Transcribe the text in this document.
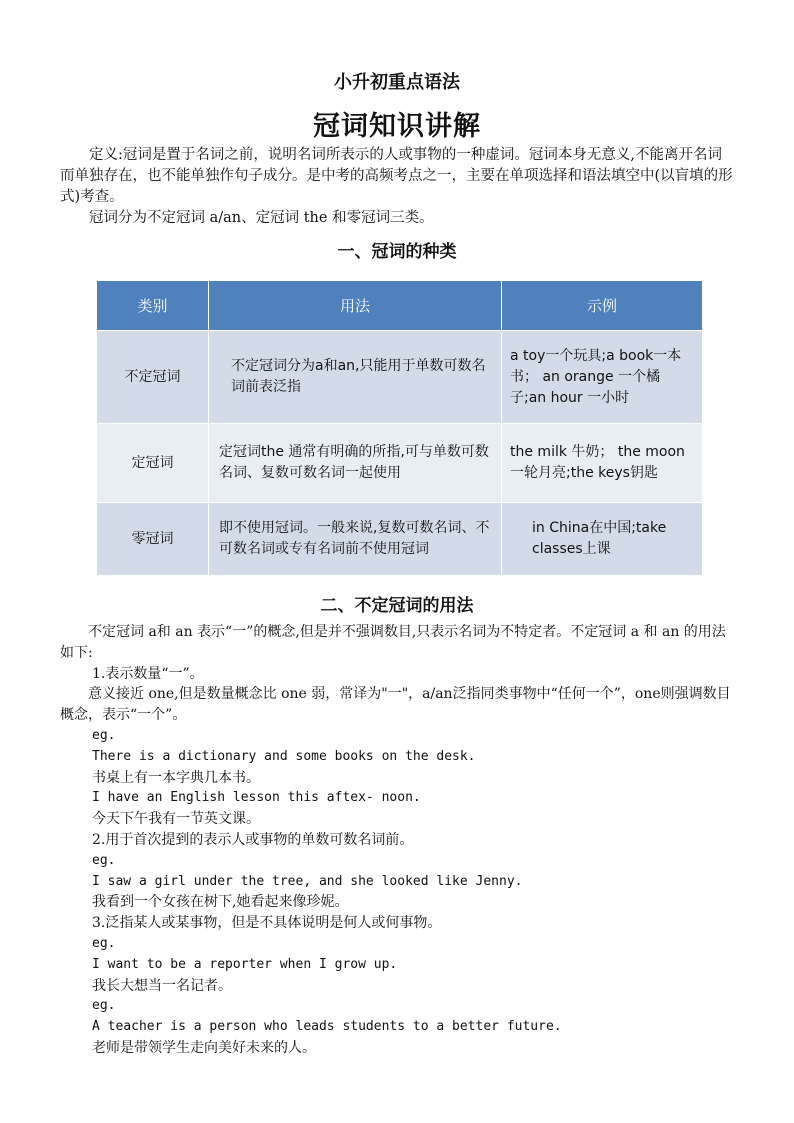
小升初重点语法
冠词知识讲解

定义:冠词是置于名词之前，说明名词所表示的人或事物的一种虚词。冠词本身无意义,不能离开名词而单独存在，也不能单独作句子成分。是中考的高频考点之一，主要在单项选择和语法填空中(以盲填的形式)考查。

冠词分为不定冠词 a/an、定冠词 the 和零冠词三类。

一、冠词的种类
类别	用法	示例
不定冠词	不定冠词分为a和an,只能用于单数可数名词前表泛指	a toy一个玩具;a book一本书； an orange 一个橘子;an hour 一小时
定冠词	定冠词the 通常有明确的所指,可与单数可数名词、复数可数名词一起使用	the milk 牛奶； the moon 一轮月亮;the keys钥匙
零冠词	即不使用冠词。一般来说,复数可数名词、不可数名词或专有名词前不使用冠词	in China在中国;take classes上课
二、不定冠词的用法

不定冠词 a和 an 表示“一”的概念,但是并不强调数目,只表示名词为不特定者。不定冠词 a 和 an 的用法如下:

1.表示数量“一”。

意义接近 one,但是数量概念比 one 弱，常译为"一"，a/an泛指同类事物中“任何一个”，one则强调数目概念，表示“一个”。

eg.

There is a dictionary and some books on the desk.

书桌上有一本字典几本书。

I have an English lesson this aftex- noon.

今天下午我有一节英文课。

2.用于首次提到的表示人或事物的单数可数名词前。

eg.

I saw a girl under the tree, and she looked like Jenny.

我看到一个女孩在树下,她看起来像珍妮。

3.泛指某人或某事物，但是不具体说明是何人或何事物。

eg.

I want to be a reporter when I grow up.

我长大想当一名记者。

eg.

A teacher is a person who leads students to a better future.

老师是带领学生走向美好未来的人。
